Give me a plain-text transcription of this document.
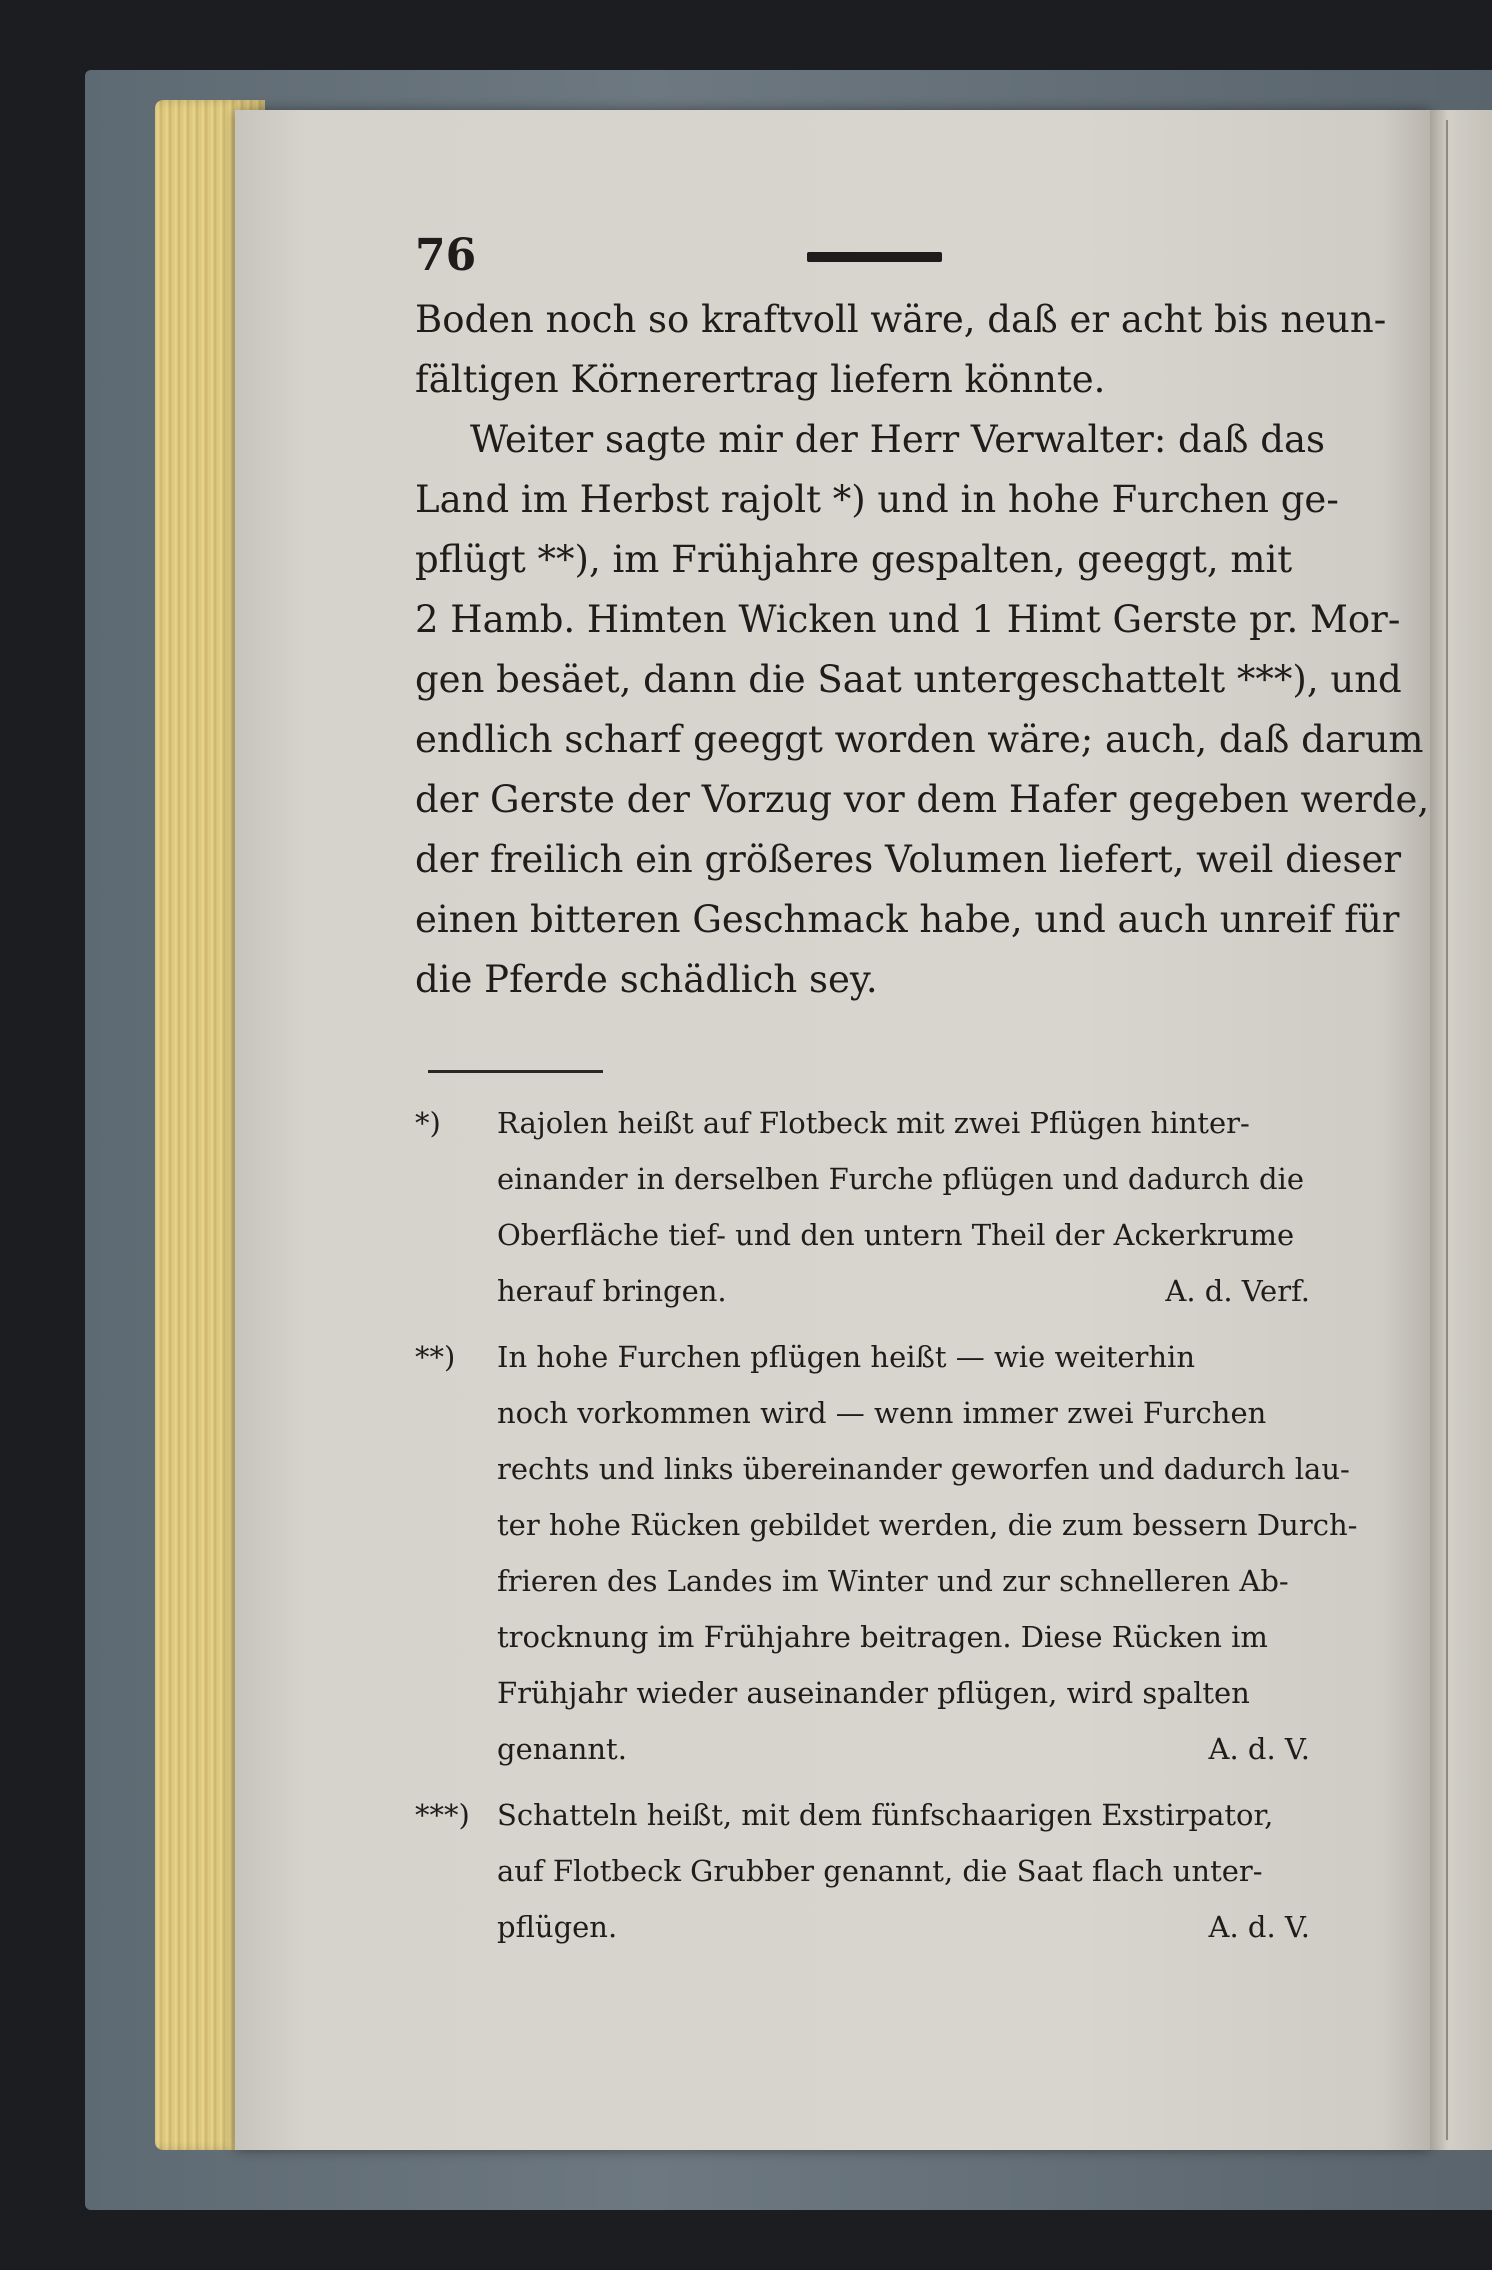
76
Boden noch so kraftvoll wäre, daß er acht bis neun-
fältigen Körnerertrag liefern könnte.
Weiter sagte mir der Herr Verwalter: daß das
Land im Herbst rajolt *) und in hohe Furchen ge-
pflügt **), im Frühjahre gespalten, geeggt, mit
2 Hamb. Himten Wicken und 1 Himt Gerste pr. Mor-
gen besäet, dann die Saat untergeschattelt ***), und
endlich scharf geeggt worden wäre; auch, daß darum
der Gerste der Vorzug vor dem Hafer gegeben werde,
der freilich ein größeres Volumen liefert, weil dieser
einen bitteren Geschmack habe, und auch unreif für
die Pferde schädlich sey.
*)	Rajolen heißt auf Flotbeck mit zwei Pflügen hinter-
einander in derselben Furche pflügen und dadurch die
Oberfläche tief- und den untern Theil der Ackerkrume
herauf bringen.	A. d. Verf.
**)	In hohe Furchen pflügen heißt — wie weiterhin
noch vorkommen wird — wenn immer zwei Furchen
rechts und links übereinander geworfen und dadurch lau-
ter hohe Rücken gebildet werden, die zum bessern Durch-
frieren des Landes im Winter und zur schnelleren Ab-
trocknung im Frühjahre beitragen. Diese Rücken im
Frühjahr wieder auseinander pflügen, wird spalten
genannt.	A. d. V.
***) Schatteln heißt, mit dem fünfschaarigen Exstirpator,
auf Flotbeck Grubber genannt, die Saat flach unter-
pflügen.	A. d. V.
